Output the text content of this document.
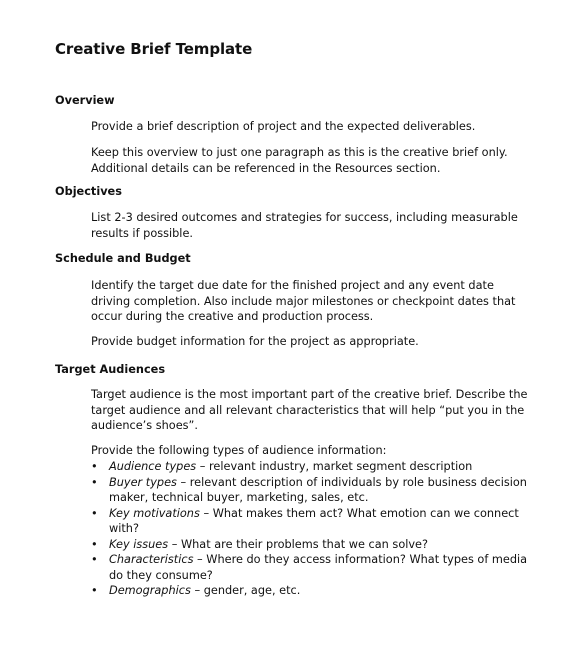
Creative Brief Template
Overview
Provide a brief description of project and the expected deliverables.
Keep this overview to just one paragraph as this is the creative brief only. Additional details can be referenced in the Resources section.
Objectives
List 2-3 desired outcomes and strategies for success, including measurable results if possible.
Schedule and Budget
Identify the target due date for the finished project and any event date driving completion. Also include major milestones or checkpoint dates that occur during the creative and production process.
Provide budget information for the project as appropriate.
Target Audiences
Target audience is the most important part of the creative brief. Describe the target audience and all relevant characteristics that will help “put you in the audience’s shoes”.
Provide the following types of audience information:
• Audience types – relevant industry, market segment description
• Buyer types – relevant description of individuals by role business decision maker, technical buyer, marketing, sales, etc.
• Key motivations – What makes them act? What emotion can we connect with?
• Key issues – What are their problems that we can solve?
• Characteristics – Where do they access information? What types of media do they consume?
• Demographics – gender, age, etc.
